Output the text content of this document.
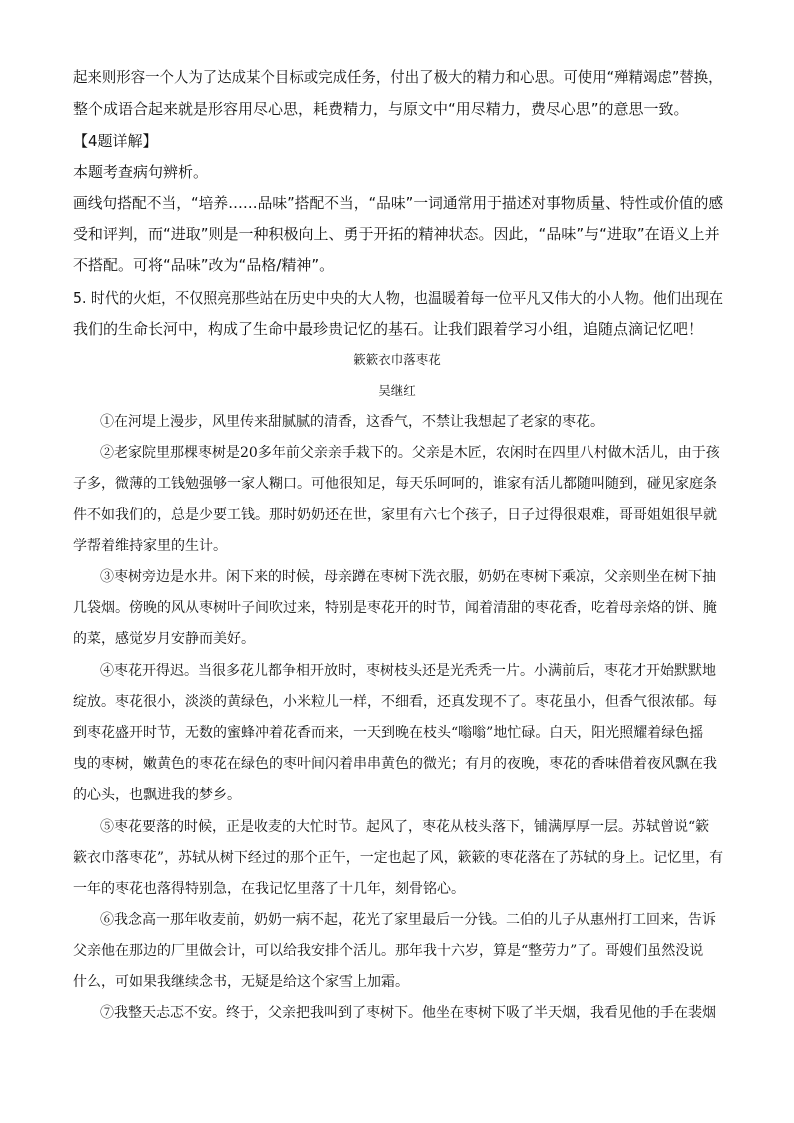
起来则形容一个人为了达成某个目标或完成任务，付出了极大的精力和心思。可使用“殚精竭虑”替换，
整个成语合起来就是形容用尽心思，耗费精力，与原文中“用尽精力，费尽心思”的意思一致。
【4题详解】
本题考查病句辨析。
画线句搭配不当，“培养……品味”搭配不当，“品味”一词通常用于描述对事物质量、特性或价值的感
受和评判，而“进取”则是一种积极向上、勇于开拓的精神状态。因此，“品味”与“进取”在语义上并
不搭配。可将“品味”改为“品格/精神”。
5. 时代的火炬，不仅照亮那些站在历史中央的大人物，也温暖着每一位平凡又伟大的小人物。他们出现在
我们的生命长河中，构成了生命中最珍贵记忆的基石。让我们跟着学习小组，追随点滴记忆吧！
簌簌衣巾落枣花
吴继红
①在河堤上漫步，风里传来甜腻腻的清香，这香气，不禁让我想起了老家的枣花。
②老家院里那棵枣树是20多年前父亲亲手栽下的。父亲是木匠，农闲时在四里八村做木活儿，由于孩
子多，微薄的工钱勉强够一家人糊口。可他很知足，每天乐呵呵的，谁家有活儿都随叫随到，碰见家庭条
件不如我们的，总是少要工钱。那时奶奶还在世，家里有六七个孩子，日子过得很艰难，哥哥姐姐很早就
学帮着维持家里的生计。
③枣树旁边是水井。闲下来的时候，母亲蹲在枣树下洗衣服，奶奶在枣树下乘凉，父亲则坐在树下抽
几袋烟。傍晚的风从枣树叶子间吹过来，特别是枣花开的时节，闻着清甜的枣花香，吃着母亲烙的饼、腌
的菜，感觉岁月安静而美好。
④枣花开得迟。当很多花儿都争相开放时，枣树枝头还是光秃秃一片。小满前后，枣花才开始默默地
绽放。枣花很小，淡淡的黄绿色，小米粒儿一样，不细看，还真发现不了。枣花虽小，但香气很浓郁。每
到枣花盛开时节，无数的蜜蜂冲着花香而来，一天到晚在枝头“嗡嗡”地忙碌。白天，阳光照耀着绿色摇
曳的枣树，嫩黄色的枣花在绿色的枣叶间闪着串串黄色的微光；有月的夜晚，枣花的香味借着夜风飘在我
的心头，也飘进我的梦乡。
⑤枣花要落的时候，正是收麦的大忙时节。起风了，枣花从枝头落下，铺满厚厚一层。苏轼曾说“簌
簌衣巾落枣花”，苏轼从树下经过的那个正午，一定也起了风，簌簌的枣花落在了苏轼的身上。记忆里，有
一年的枣花也落得特别急，在我记忆里落了十几年，刻骨铭心。
⑥我念高一那年收麦前，奶奶一病不起，花光了家里最后一分钱。二伯的儿子从惠州打工回来，告诉
父亲他在那边的厂里做会计，可以给我安排个活儿。那年我十六岁，算是“整劳力”了。哥嫂们虽然没说
什么，可如果我继续念书，无疑是给这个家雪上加霜。
⑦我整天忐忑不安。终于，父亲把我叫到了枣树下。他坐在枣树下吸了半天烟，我看见他的手在裴烟
